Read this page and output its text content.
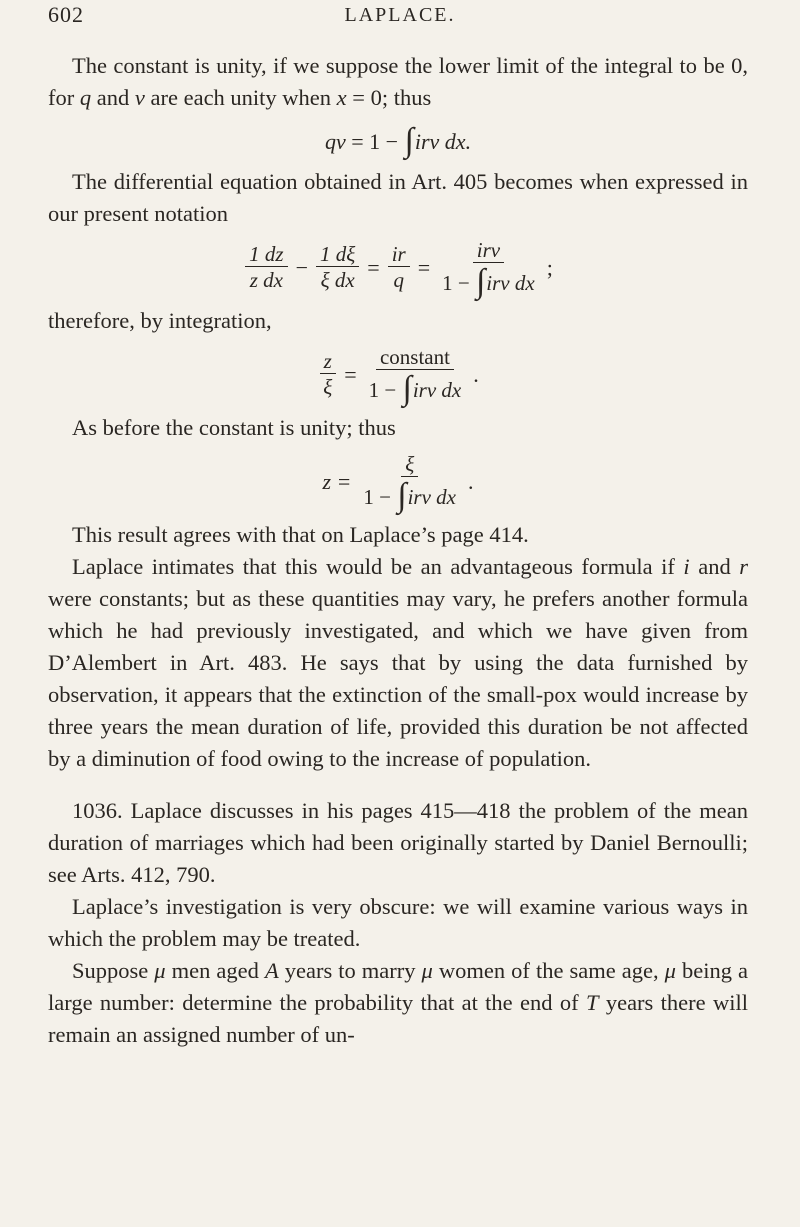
602	LAPLACE.

The constant is unity, if we suppose the lower limit of the integral to be 0, for q and v are each unity when x = 0; thus

qv = 1 − ∫irv dx.

The differential equation obtained in Art. 405 becomes when expressed in our present notation

$\frac{1 dz}{\text{z dx}} - \frac{1 d\xi}{\text{ξ dx}} = \frac{ir}{q} = \frac{\text{irv}}{\text{1 − ∫irv dx}}$ ;

therefore, by integration,

$\frac{z}{\xi} = \frac{\text{constant}}{\text{1 − ∫irv dx}}$ .

As before the constant is unity; thus

$z = \frac{\xi}{\text{1 − ∫irv dx}}$ .

This result agrees with that on Laplace’s page 414.

Laplace intimates that this would be an advantageous formula if i and r were constants; but as these quantities may vary, he prefers another formula which he had previously investigated, and which we have given from D’Alembert in Art. 483. He says that by using the data furnished by observation, it appears that the extinction of the small-pox would increase by three years the mean duration of life, provided this duration be not affected by a diminution of food owing to the increase of population.

1036. Laplace discusses in his pages 415—418 the problem of the mean duration of marriages which had been originally started by Daniel Bernoulli; see Arts. 412, 790.

Laplace’s investigation is very obscure: we will examine various ways in which the problem may be treated.

Suppose μ men aged A years to marry μ women of the same age, μ being a large number: determine the probability that at the end of T years there will remain an assigned number of un-
